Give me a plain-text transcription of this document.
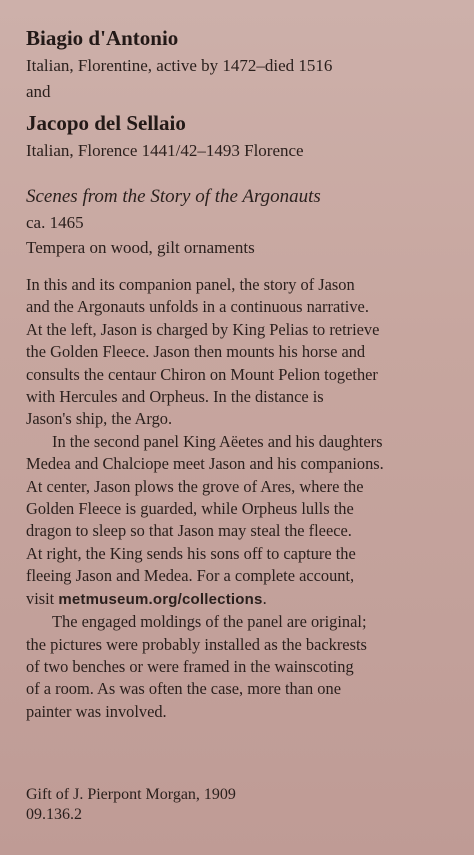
Biagio d'Antonio

Italian, Florentine, active by 1472–died 1516

and

Jacopo del Sellaio

Italian, Florence 1441/42–1493 Florence

Scenes from the Story of the Argonauts

ca. 1465

Tempera on wood, gilt ornaments

In this and its companion panel, the story of Jason
and the Argonauts unfolds in a continuous narrative.
At the left, Jason is charged by King Pelias to retrieve
the Golden Fleece. Jason then mounts his horse and
consults the centaur Chiron on Mount Pelion together
with Hercules and Orpheus. In the distance is
Jason's ship, the Argo.

In the second panel King Aëetes and his daughters
Medea and Chalciope meet Jason and his companions.
At center, Jason plows the grove of Ares, where the
Golden Fleece is guarded, while Orpheus lulls the
dragon to sleep so that Jason may steal the fleece.
At right, the King sends his sons off to capture the
fleeing Jason and Medea. For a complete account,
visit metmuseum.org/collections.

The engaged moldings of the panel are original;
the pictures were probably installed as the backrests
of two benches or were framed in the wainscoting
of a room. As was often the case, more than one
painter was involved.

Gift of J. Pierpont Morgan, 1909
09.136.2
